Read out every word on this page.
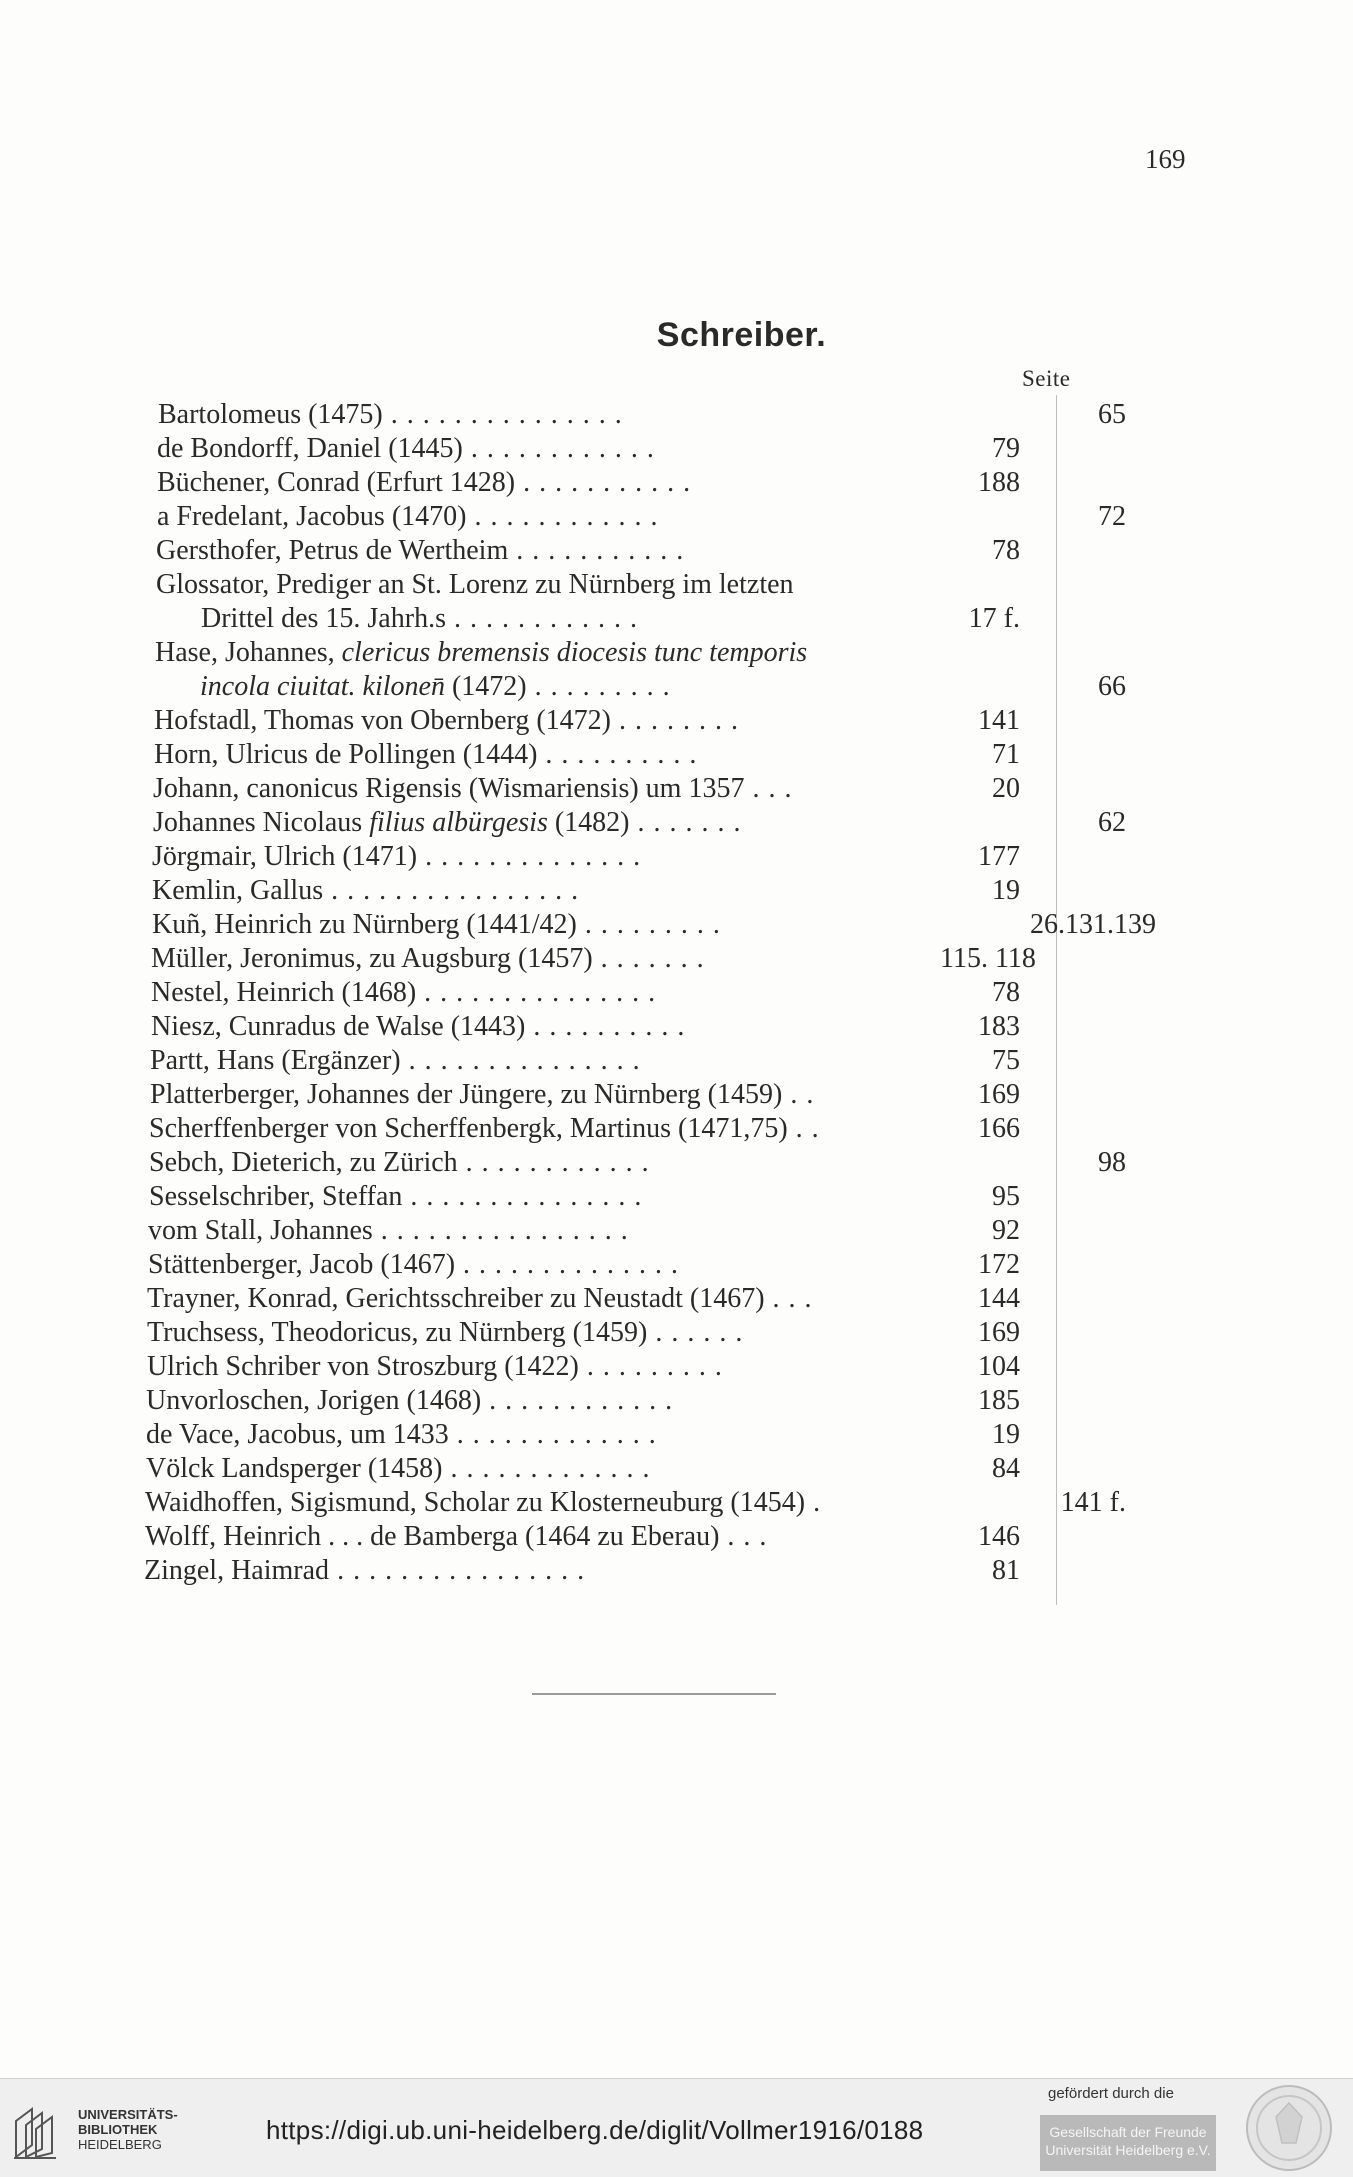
169
Schreiber.
Seite
Bartolomeus (1475) ...............	65
de Bondorff, Daniel (1445) ............	79
Büchener, Conrad (Erfurt 1428) ...........	188
a Fredelant, Jacobus (1470) ............	72
Gersthofer, Petrus de Wertheim ...........	78
Glossator, Prediger an St. Lorenz zu Nürnberg im letzten
Drittel des 15. Jahrh.s ............	17 f.
Hase, Johannes, clericus bremensis diocesis tunc temporis
incola ciuitat. kilonen̄ (1472) .........	66
Hofstadl, Thomas von Obernberg (1472) ........	141
Horn, Ulricus de Pollingen (1444) ..........	71
Johann, canonicus Rigensis (Wismariensis) um 1357 ...	20
Johannes Nicolaus filius albürgesis (1482) .......	62
Jörgmair, Ulrich (1471) ..............	177
Kemlin, Gallus ................	19
Kuñ, Heinrich zu Nürnberg (1441/42) .........	26.131.139
Müller, Jeronimus, zu Augsburg (1457) .......	115. 118
Nestel, Heinrich (1468) ...............	78
Niesz, Cunradus de Walse (1443) ..........	183
Partt, Hans (Ergänzer) ...............	75
Platterberger, Johannes der Jüngere, zu Nürnberg (1459) ..	169
Scherffenberger von Scherffenbergk, Martinus (1471,75) ..	166
Sebch, Dieterich, zu Zürich ............	98
Sesselschriber, Steffan ...............	95
vom Stall, Johannes ................	92
Stättenberger, Jacob (1467) ..............	172
Trayner, Konrad, Gerichtsschreiber zu Neustadt (1467) ...	144
Truchsess, Theodoricus, zu Nürnberg (1459) ......	169
Ulrich Schriber von Stroszburg (1422) .........	104
Unvorloschen, Jorigen (1468) ............	185
de Vace, Jacobus, um 1433 .............	19
Völck Landsperger (1458) .............	84
Waidhoffen, Sigismund, Scholar zu Klosterneuburg (1454) .	141 f.
Wolff, Heinrich . . . de Bamberga (1464 zu Eberau) ...	146
Zingel, Haimrad ................	81
UNIVERSITÄTS-
BIBLIOTHEK
HEIDELBERG	https://digi.ub.uni-heidelberg.de/diglit/Vollmer1916/0188
gefördert durch die
Gesellschaft der Freunde
Universität Heidelberg e.V.
